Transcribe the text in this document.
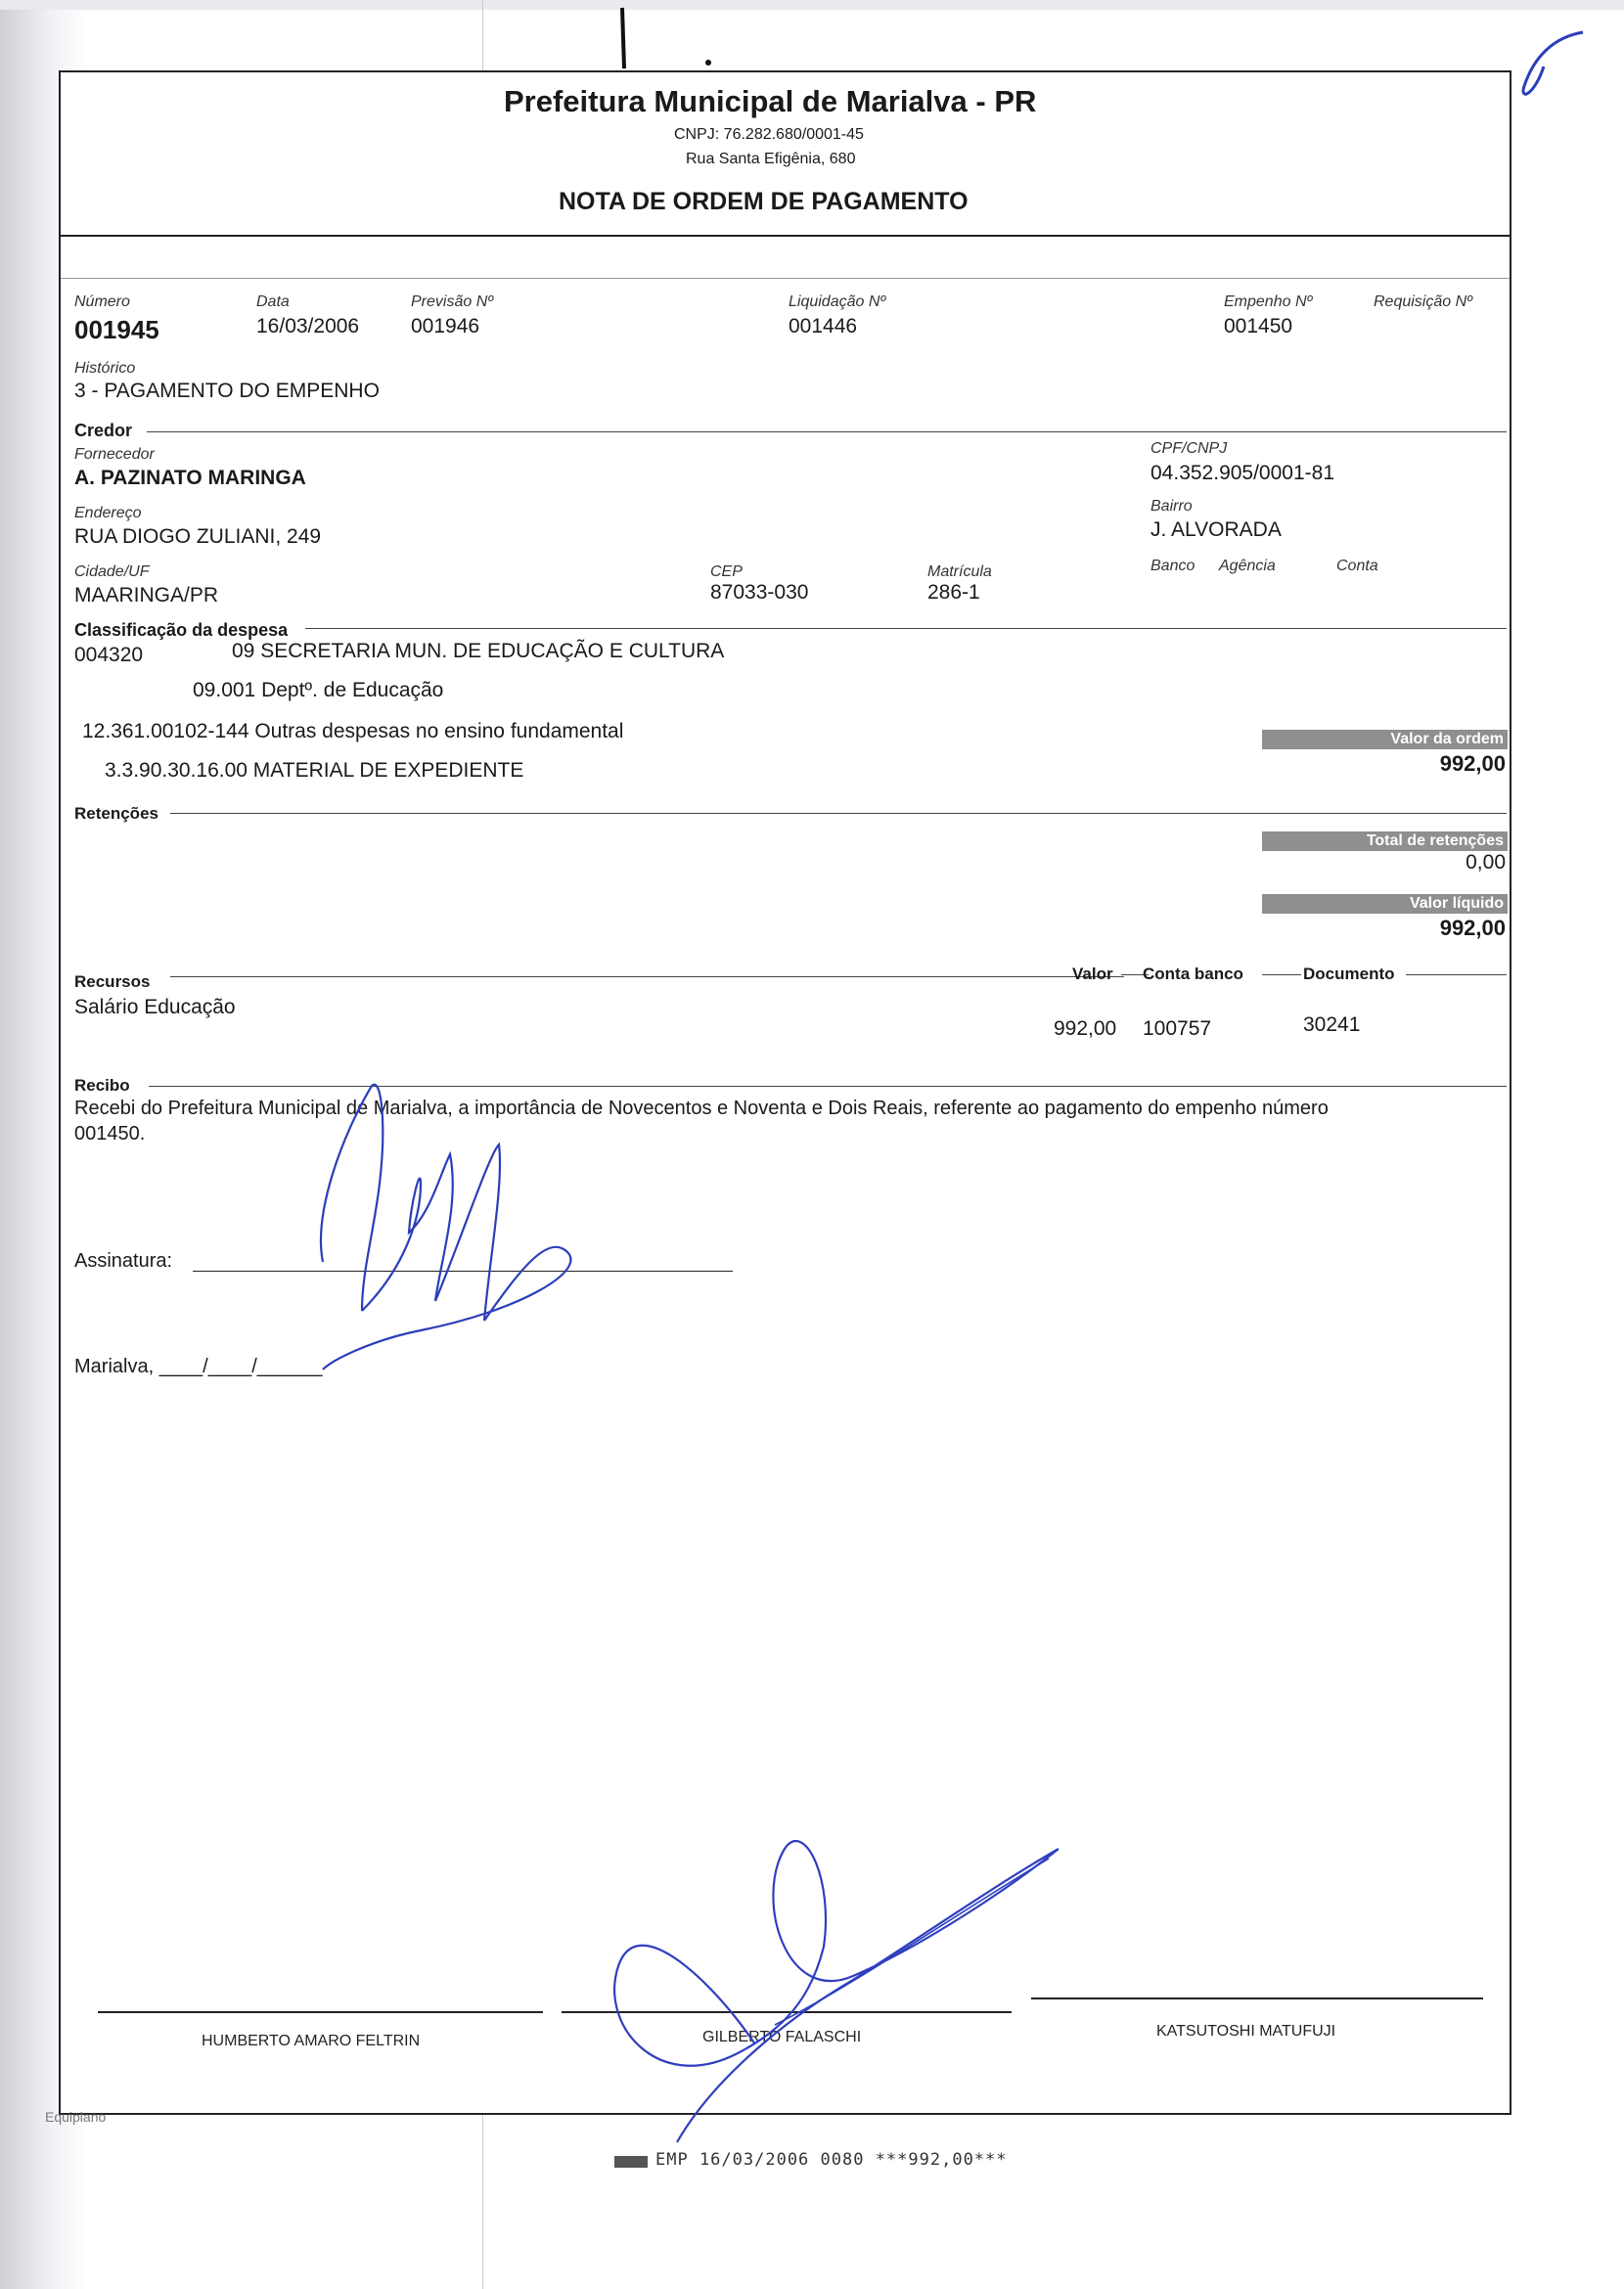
Prefeitura Municipal de Marialva - PR
CNPJ: 76.282.680/0001-45
Rua Santa Efigênia, 680
NOTA DE ORDEM DE PAGAMENTO
Número
001945
Data
16/03/2006
Previsão Nº
001946
Liquidação Nº
001446
Empenho Nº
001450
Requisição Nº
Histórico
3 - PAGAMENTO DO EMPENHO
Credor
Fornecedor
A. PAZINATO MARINGA
CPF/CNPJ
04.352.905/0001-81
Endereço
RUA DIOGO ZULIANI, 249
Bairro
J. ALVORADA
Cidade/UF
MAARINGA/PR
CEP
87033-030
Matrícula
286-1
Banco Agência	Conta
Classificação da despesa
004320	09 SECRETARIA MUN. DE EDUCAÇÃO E CULTURA
09.001 Deptº. de Educação
12.361.00102-144 Outras despesas no ensino fundamental
3.3.90.30.16.00 MATERIAL DE EXPEDIENTE
Valor da ordem
992,00
Retenções
Total de retenções
0,00
Valor líquido
992,00
Recursos	Valor Conta banco	Documento
Salário Educação
992,00 100757	30241
Recibo
Recebi do Prefeitura Municipal de Marialva, a importância de Novecentos e Noventa e Dois Reais, referente ao pagamento do empenho número
001450.
Assinatura:
Marialva, ____/____/______
HUMBERTO AMARO FELTRIN	GILBERTO FALASCHI	KATSUTOSHI MATUFUJI
Equiplano
EMP 16/03/2006 0080 ***992,00***
